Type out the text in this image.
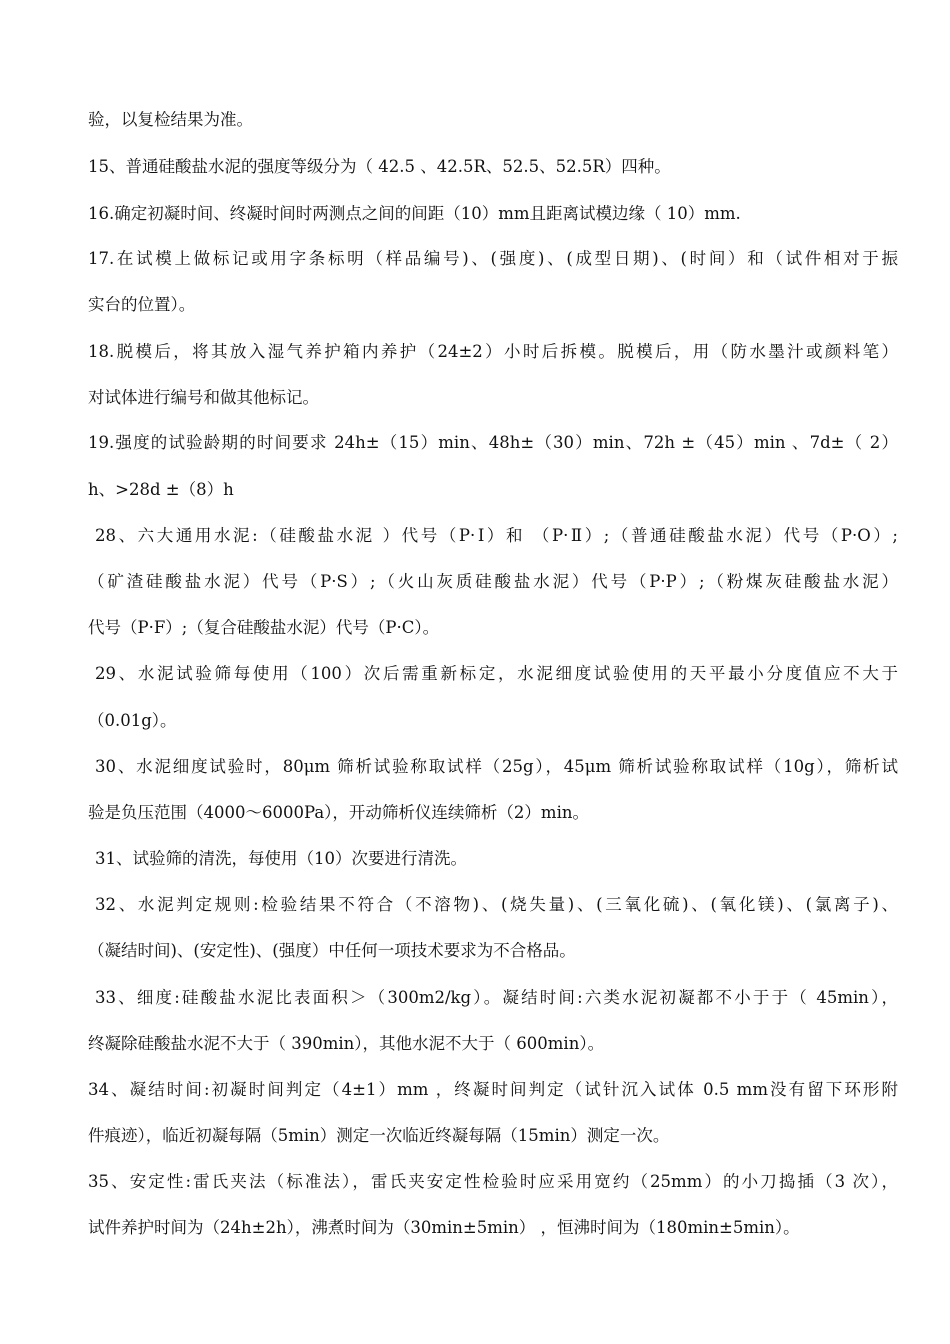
验，以复检结果为准。
15、普通硅酸盐水泥的强度等级分为（ 42.5 、42.5R、52.5、52.5R）四种。
16.确定初凝时间、终凝时间时两测点之间的间距（10）mm且距离试模边缘（ 10）mm.
17.在试模上做标记或用字条标明（样品编号)、(强度)、(成型日期)、(时间）和（试件相对于振
实台的位置）。
18.脱模后，将其放入湿气养护箱内养护（24±2）小时后拆模。脱模后，用（防水墨汁或颜料笔）
对试体进行编号和做其他标记。
19.强度的试验龄期的时间要求 24h±（15）min、48h±（30）min、72h ±（45）min 、7d±（ 2）
h、>28d ±（8）h
28、六大通用水泥:（硅酸盐水泥 ）代号（P·Ⅰ）和 （P·Ⅱ）;（普通硅酸盐水泥）代号（P·O）;
（矿渣硅酸盐水泥）代号（P·S）;（火山灰质硅酸盐水泥）代号（P·P）;（粉煤灰硅酸盐水泥）
代号（P·F）;（复合硅酸盐水泥）代号（P·C）。
29、水泥试验筛每使用（100）次后需重新标定，水泥细度试验使用的天平最小分度值应不大于
（0.01g）。
30、水泥细度试验时，80μm 筛析试验称取试样（25g），45μm 筛析试验称取试样（10g），筛析试
验是负压范围（4000～6000Pa），开动筛析仪连续筛析（2）min。
31、试验筛的清洗，每使用（10）次要进行清洗。
32、水泥判定规则:检验结果不符合（不溶物)、(烧失量)、(三氧化硫)、(氧化镁)、(氯离子)、
（凝结时间)、(安定性)、(强度）中任何一项技术要求为不合格品。
33、细度:硅酸盐水泥比表面积＞（300m2/kg）。凝结时间:六类水泥初凝都不小于于（ 45min），
终凝除硅酸盐水泥不大于（ 390min），其他水泥不大于（ 600min）。
34、凝结时间:初凝时间判定（4±1）mm ，终凝时间判定（试针沉入试体 0.5 mm没有留下环形附
件痕迹），临近初凝每隔（5min）测定一次临近终凝每隔（15min）测定一次。
35、安定性:雷氏夹法（标准法），雷氏夹安定性检验时应采用宽约（25mm）的小刀捣插（3 次），
试件养护时间为（24h±2h），沸煮时间为（30min±5min） ，恒沸时间为（180min±5min）。
